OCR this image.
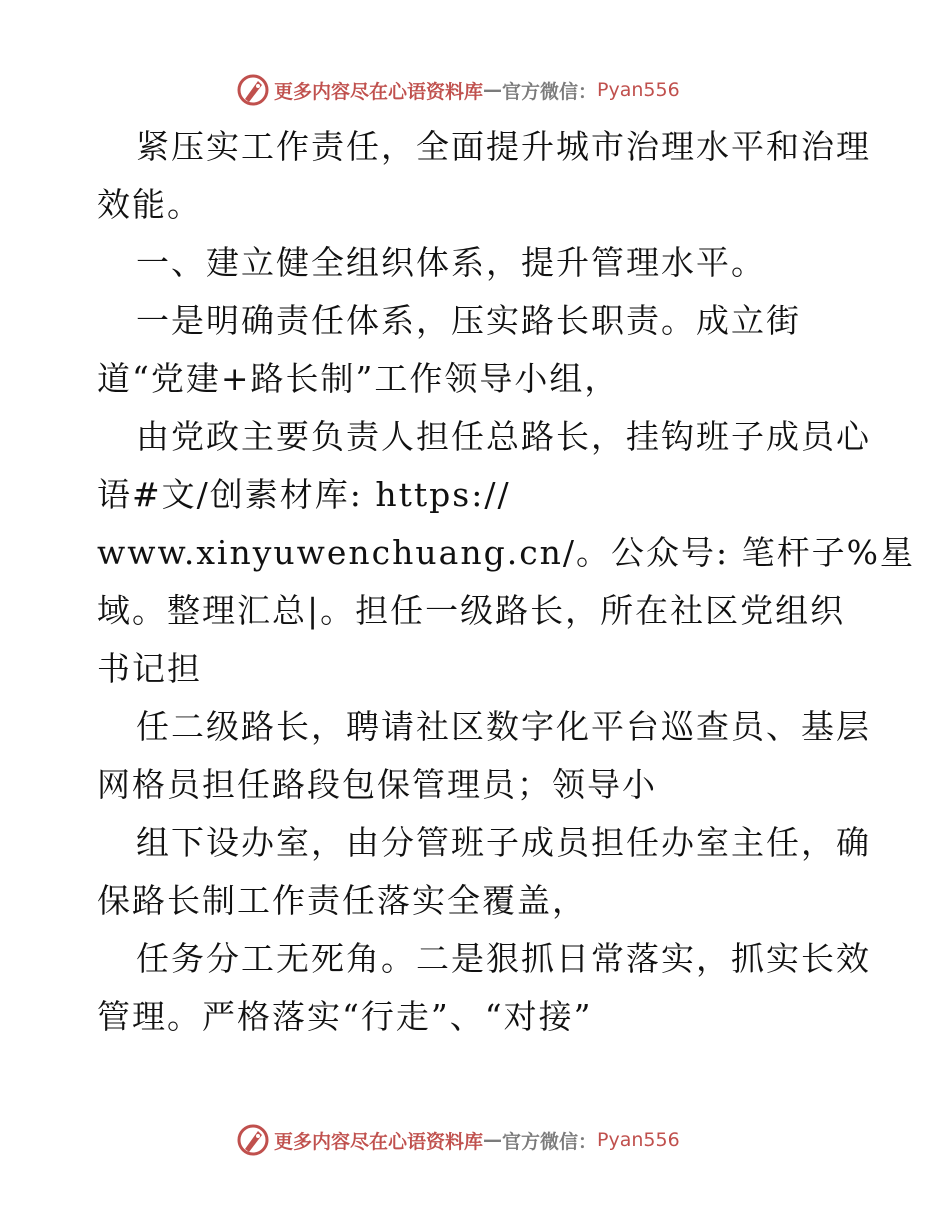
更多内容尽在心语资料库 — 官方微信： Pyan556
紧压实工作责任，全面提升城市治理水平和治理
效能。
一、建立健全组织体系，提升管理水平。
一是明确责任体系，压实路长职责。成立街
道“党建+路长制”工作领导小组，
由党政主要负责人担任总路长，挂钩班子成员心
语#文/创素材库: https://
www.xinyuwenchuang.cn/。公众号: 笔杆子%星
域。整理汇总|。担任一级路长，所在社区党组织
书记担
任二级路长，聘请社区数字化平台巡查员、基层
网格员担任路段包保管理员；领导小
组下设办室，由分管班子成员担任办室主任，确
保路长制工作责任落实全覆盖，
任务分工无死角。二是狠抓日常落实，抓实长效
管理。严格落实“行走”、“对接”
更多内容尽在心语资料库 — 官方微信： Pyan556
